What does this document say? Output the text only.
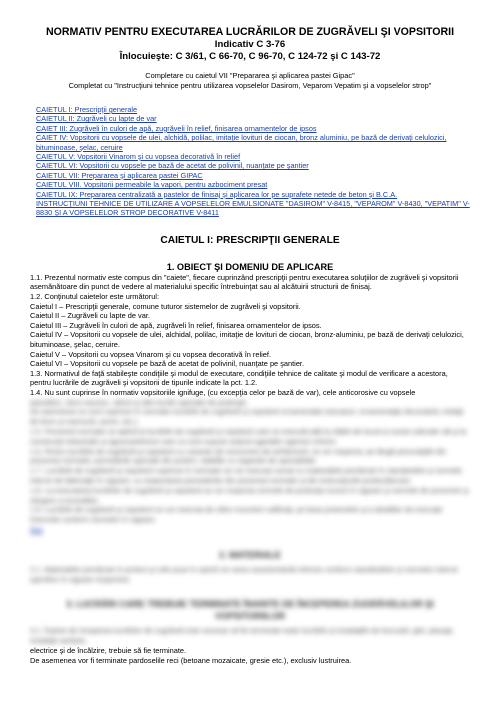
NORMATIV PENTRU EXECUTAREA LUCRĂRILOR DE ZUGRĂVELI ŞI VOPSITORII

Indicativ C 3-76

Înlocuieşte: C 3/61, C 66-70, C 96-70, C 124-72 şi C 143-72

Completare cu caietul VII "Prepararea şi aplicarea pastei Gipac"

Completat cu "Instrucţiuni tehnice pentru utilizarea vopselelor Dasirom, Veparom Vepatim şi a vopselelor strop"

CAIETUL I: Prescripţii generale
CAIETUL II: Zugrăveli cu lapte de var
CAIET III: Zugrăveli în culori de apă, zugrăveli în relief, finisarea ornamentelor de ipsos
CAIET IV: Vopsitorii cu vopsele de ulei, alchidă, polilac, imitaţie lovituri de ciocan, bronz aluminiu, pe bază de derivaţi celulozici, bituminoase, şelac, ceruire
CAIETUL V: Vopsitorii Vinarom şi cu vopsea decorativă în relief
CAIETUL VI: Vopsitorii cu vopsele pe bază de acetat de polivinil, nuanţate pe şantier
CAIETUL VII: Prepararea şi aplicarea pastei GIPAC
CAIETUL VIII. Vopsitorii permeabile la vapori, pentru azbociment presat
CAIETUL IX: Prepararea centralizată a pastelor de finisaj şi aplicarea lor pe suprafete netede de beton şi B.C.A.
INSTRUCŢIUNI TEHNICE DE UTILIZARE A VOPSELELOR EMULSIONATE "DASIROM" V-8415, "VEPAROM" V-8430, "VEPATIM" V-8830 ŞI A VOPSELELOR STROP DECORATIVE V-8411

CAIETUL I: PRESCRIPŢII GENERALE

1. OBIECT ŞI DOMENIU DE APLICARE

1.1. Prezentul normativ este compus din "caiete", fiecare cuprinzând prescripţii pentru executarea soluţiilor de zugrăveli şi vopsitorii asemănătoare din punct de vedere al materialului specific întrebuinţat sau al alcătuirii structurii de finisaj.

1.2. Conţinutul caietelor este următorul:

Caietul I – Prescripţii generale, comune tuturor sistemelor de zugrăveli şi vopsitorii.

Caietul II – Zugrăveli cu lapte de var.

Caietul III – Zugrăveli în culori de apă, zugrăveli în relief, finisarea ornamentelor de ipsos.

Caietul IV – Vopsitorii cu vopsele de ulei, alchidal, polilac, imitaţie de lovituri de ciocan, bronz-aluminiu, pe bază de derivaţi celulozici, bituminoase, şelac, ceruire.

Caietul V – Vopsitorii cu vopsea Vinarom şi cu vopsea decorativă în relief.

Caietul VI – Vopsitorii cu vopsele pe bază de acetat de polivinil, nuanţate pe şantier.

1.3. Normativul de faţă stabileşte condiţiile şi modul de executare, condiţiile tehnice de calitate şi modul de verificare a acestora, pentru lucrările de zugrăveli şi vopsitorii de tipurile indicate la pct. 1.2.

1.4. Nu sunt cuprinse în normativ vopsitoriile ignifuge, (cu excepţia celor pe bază de var), cele anticorosive cu vopsele

epoxidice, cloro-cauciuc, uleiuri şi alte lucrări speciale de protecţie.

De asemenea nu sunt cuprinse în normativ lucrările de zugrăveli şi vopsitorii ornamentale (stucaturi, ornamentaţie decorativă, imitaţii de lemn şi marmură, aurire, etc.).

1.5. Prezentul normativ se aplică la lucrările de zugrăveli şi vopsitorii care se execută atât la clădiri de locuit şi social culturale cât şi la construcţii industriale şi agrozootehnice care nu sunt supuse acţiunii agenţilor agresivi chimici.

1.6. Pentru lucrările de zugrăveli şi vopsitorii cu caracter de monument de arhitectură, se vor respecta, pe lângă prescripţiile din prezentul normativ, prevederile speciale din proiect, stabilite cu organele de specialitate.

1.7. Lucrările de zugrăveli şi vopsitorii cuprinse în normativ se vor executa numai cu materialele prevăzute în standardele şi normele interne de fabricaţie în vigoare, cu respectarea prevederilor din prezentul normativ şi din instrucţiunile producătorului.

1.8. La executarea lucrărilor de zugrăveli şi vopsitorii se vor respecta normele de protecţia muncii în vigoare şi normele de prevenire şi stingere a incendiilor.

1.9. Lucrările de zugrăveli şi vopsitorii se vor executa de către muncitori calificaţi, pe baza proiectelor şi a detaliilor de execuţie întocmite conform normelor în vigoare.

Sus

2. MATERIALE

2.1. Materialele prevăzute în proiect şi cele puse în operă vor avea caracteristicile tehnice conform standardelor şi normelor interne specifice în vigoare respective.

3. LUCRĂRI CARE TREBUIE TERMINATE ÎNAINTE DE ÎNCEPEREA ZUGRĂVELILOR ŞI VOPSITORIILOR

3.1. Înainte de începerea lucrărilor de zugrăveli este necesar să fie terminate toate lucrările şi instalaţiile de tencuieli, glet, placaje, instalaţii sanitare,

electrice şi de încălzire, trebuie să fie terminate.

De asemenea vor fi terminate pardoselile reci (betoane mozaicate, gresie etc.), exclusiv lustruirea.
